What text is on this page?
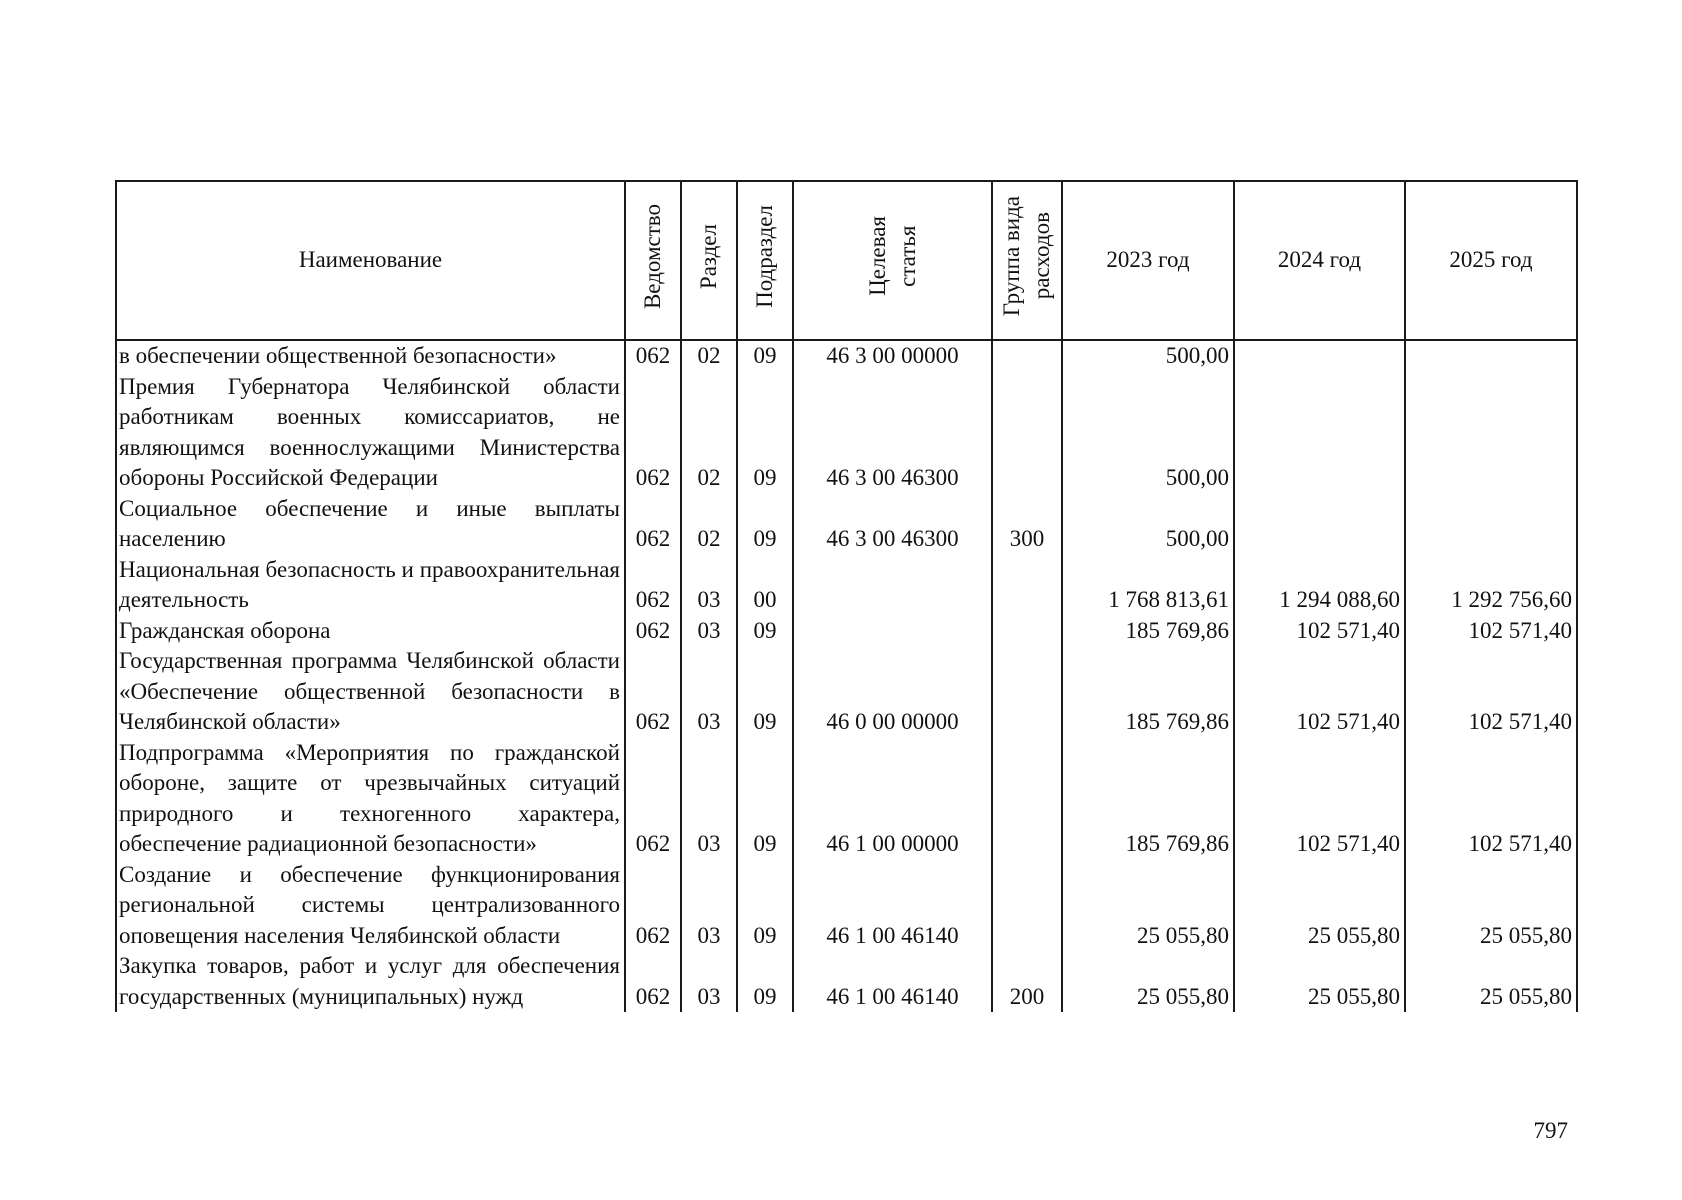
Наименование	Ведомство	Раздел	Подраздел	Целевая статья	Группа вида расходов	2023 год	2024 год	2025 год
в обеспечении общественной безопасности»	062	02	09	46 3 00 00000		500,00		
Премия Губернатора Челябинской области работникам военных комиссариатов, не являющимся военнослужащими Министерства обороны Российской Федерации	062	02	09	46 3 00 46300		500,00		
Социальное обеспечение и иные выплаты населению	062	02	09	46 3 00 46300	300	500,00		
Национальная безопасность и правоохранительная деятельность	062	03	00			1 768 813,61	1 294 088,60	1 292 756,60
Гражданская оборона	062	03	09			185 769,86	102 571,40	102 571,40
Государственная программа Челябинской области «Обеспечение общественной безопасности в Челябинской области»	062	03	09	46 0 00 00000		185 769,86	102 571,40	102 571,40
Подпрограмма «Мероприятия по гражданской обороне, защите от чрезвычайных ситуаций природного и техногенного характера, обеспечение радиационной безопасности»	062	03	09	46 1 00 00000		185 769,86	102 571,40	102 571,40
Создание и обеспечение функционирования региональной системы централизованного оповещения населения Челябинской области	062	03	09	46 1 00 46140		25 055,80	25 055,80	25 055,80
Закупка товаров, работ и услуг для обеспечения государственных (муниципальных) нужд	062	03	09	46 1 00 46140	200	25 055,80	25 055,80	25 055,80
797
